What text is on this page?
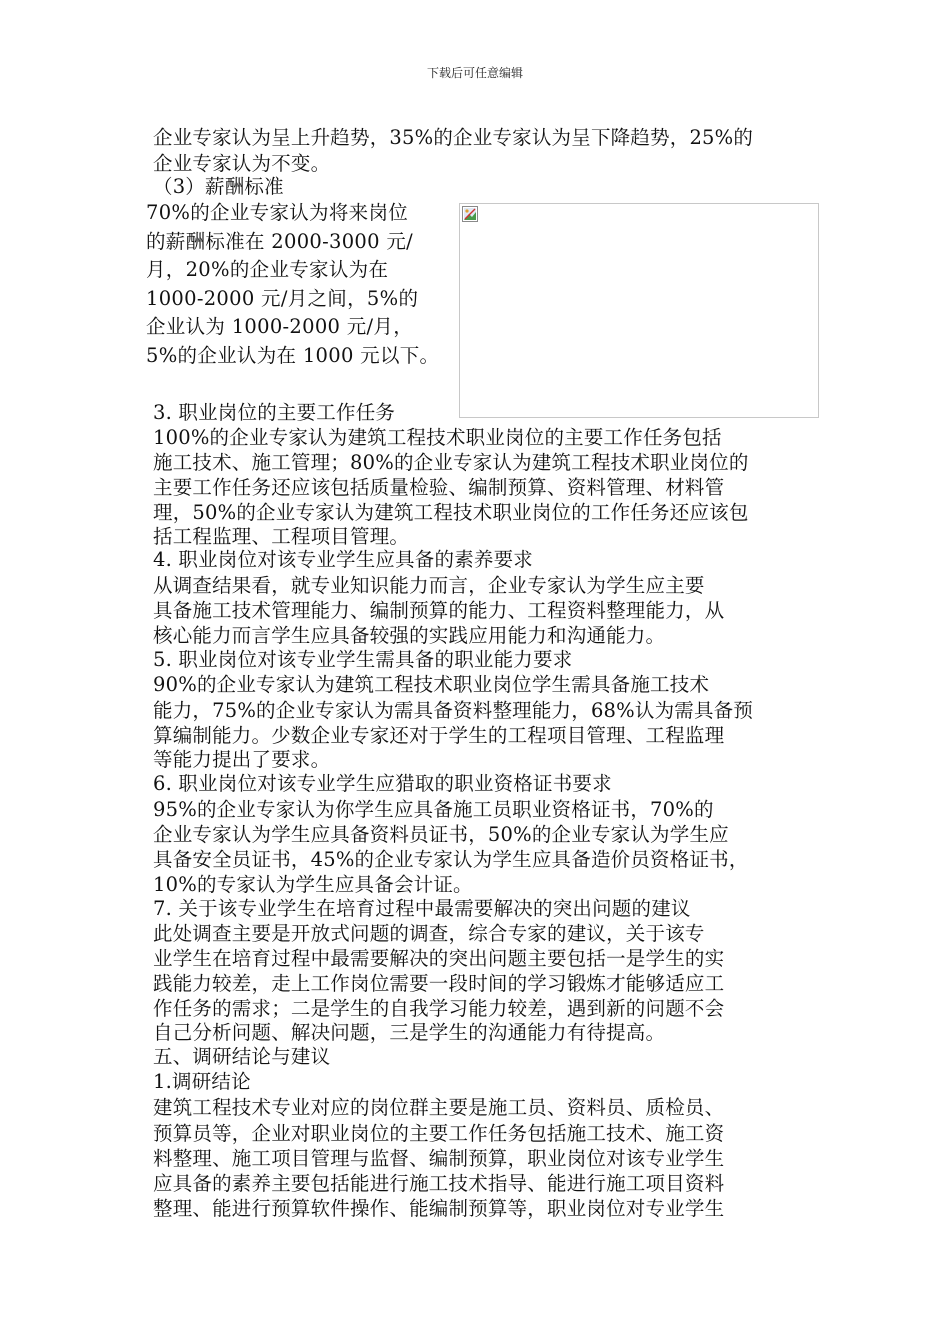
下载后可任意编辑
企业专家认为呈上升趋势，35%的企业专家认为呈下降趋势，25%的
企业专家认为不变。
（3）薪酬标准
70%的企业专家认为将来岗位
的薪酬标准在 2000-3000 元/
月，20%的企业专家认为在
1000-2000 元/月之间，5%的
企业认为 1000-2000 元/月，
5%的企业认为在 1000 元以下。
3. 职业岗位的主要工作任务
100%的企业专家认为建筑工程技术职业岗位的主要工作任务包括
施工技术、施工管理；80%的企业专家认为建筑工程技术职业岗位的
主要工作任务还应该包括质量检验、编制预算、资料管理、材料管
理，50%的企业专家认为建筑工程技术职业岗位的工作任务还应该包
括工程监理、工程项目管理。
4. 职业岗位对该专业学生应具备的素养要求
从调查结果看，就专业知识能力而言，企业专家认为学生应主要
具备施工技术管理能力、编制预算的能力、工程资料整理能力，从
核心能力而言学生应具备较强的实践应用能力和沟通能力。
5. 职业岗位对该专业学生需具备的职业能力要求
90%的企业专家认为建筑工程技术职业岗位学生需具备施工技术
能力，75%的企业专家认为需具备资料整理能力，68%认为需具备预
算编制能力。少数企业专家还对于学生的工程项目管理、工程监理
等能力提出了要求。
6. 职业岗位对该专业学生应猎取的职业资格证书要求
95%的企业专家认为你学生应具备施工员职业资格证书，70%的
企业专家认为学生应具备资料员证书，50%的企业专家认为学生应
具备安全员证书，45%的企业专家认为学生应具备造价员资格证书，
10%的专家认为学生应具备会计证。
7. 关于该专业学生在培育过程中最需要解决的突出问题的建议
此处调查主要是开放式问题的调查，综合专家的建议，关于该专
业学生在培育过程中最需要解决的突出问题主要包括一是学生的实
践能力较差，走上工作岗位需要一段时间的学习锻炼才能够适应工
作任务的需求；二是学生的自我学习能力较差，遇到新的问题不会
自己分析问题、解决问题，三是学生的沟通能力有待提高。
五、调研结论与建议
1.调研结论
建筑工程技术专业对应的岗位群主要是施工员、资料员、质检员、
预算员等，企业对职业岗位的主要工作任务包括施工技术、施工资
料整理、施工项目管理与监督、编制预算，职业岗位对该专业学生
应具备的素养主要包括能进行施工技术指导、能进行施工项目资料
整理、能进行预算软件操作、能编制预算等，职业岗位对专业学生
